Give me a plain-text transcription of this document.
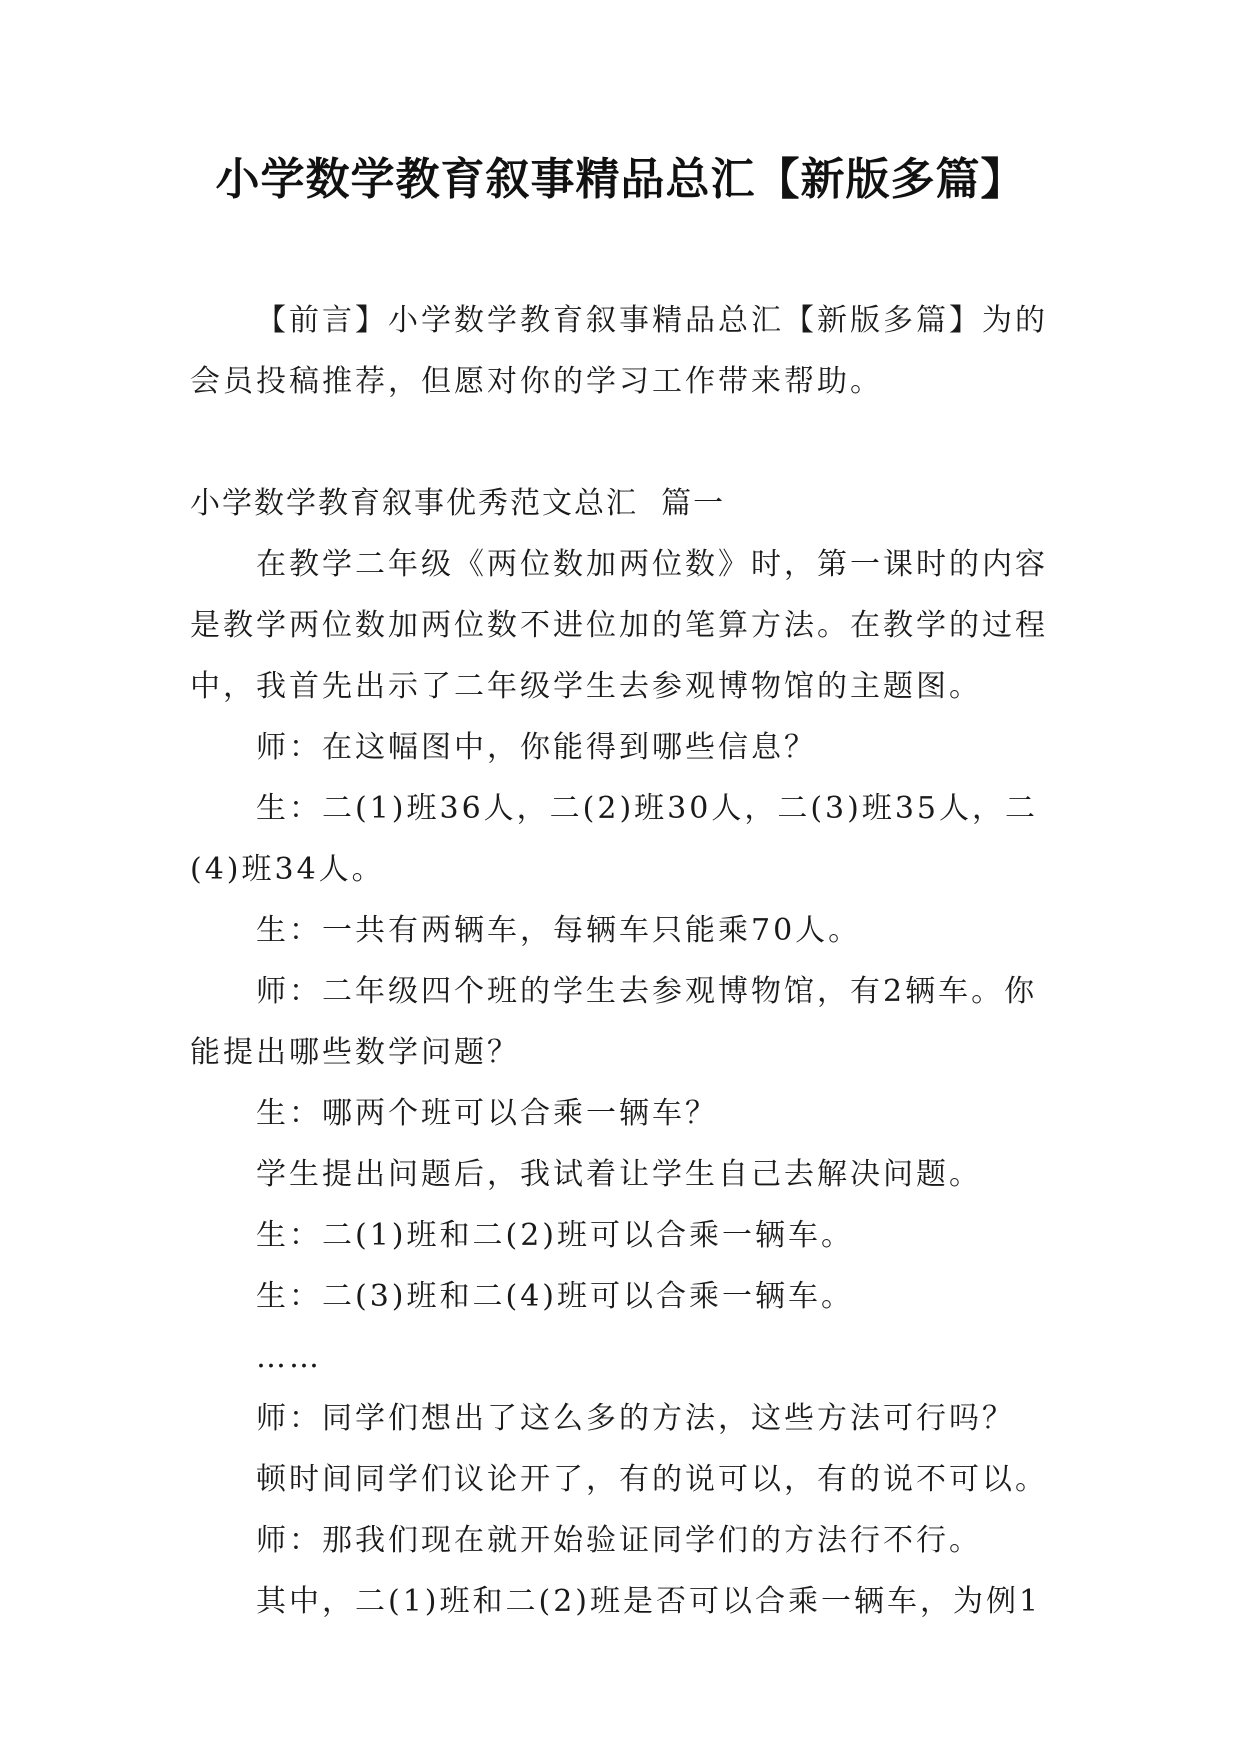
小学数学教育叙事精品总汇【新版多篇】

【前言】小学数学教育叙事精品总汇【新版多篇】为的会员投稿推荐，但愿对你的学习工作带来帮助。

小学数学教育叙事优秀范文总汇  篇一

在教学二年级《两位数加两位数》时，第一课时的内容是教学两位数加两位数不进位加的笔算方法。在教学的过程中，我首先出示了二年级学生去参观博物馆的主题图。

师：在这幅图中，你能得到哪些信息？

生：二(1)班36人，二(2)班30人，二(3)班35人，二(4)班34人。

生：一共有两辆车，每辆车只能乘70人。

师：二年级四个班的学生去参观博物馆，有2辆车。你能提出哪些数学问题？

生：哪两个班可以合乘一辆车？

学生提出问题后，我试着让学生自己去解决问题。

生：二(1)班和二(2)班可以合乘一辆车。

生：二(3)班和二(4)班可以合乘一辆车。

……

师：同学们想出了这么多的方法，这些方法可行吗？

顿时间同学们议论开了，有的说可以，有的说不可以。

师：那我们现在就开始验证同学们的方法行不行。

其中，二(1)班和二(2)班是否可以合乘一辆车，为例1
